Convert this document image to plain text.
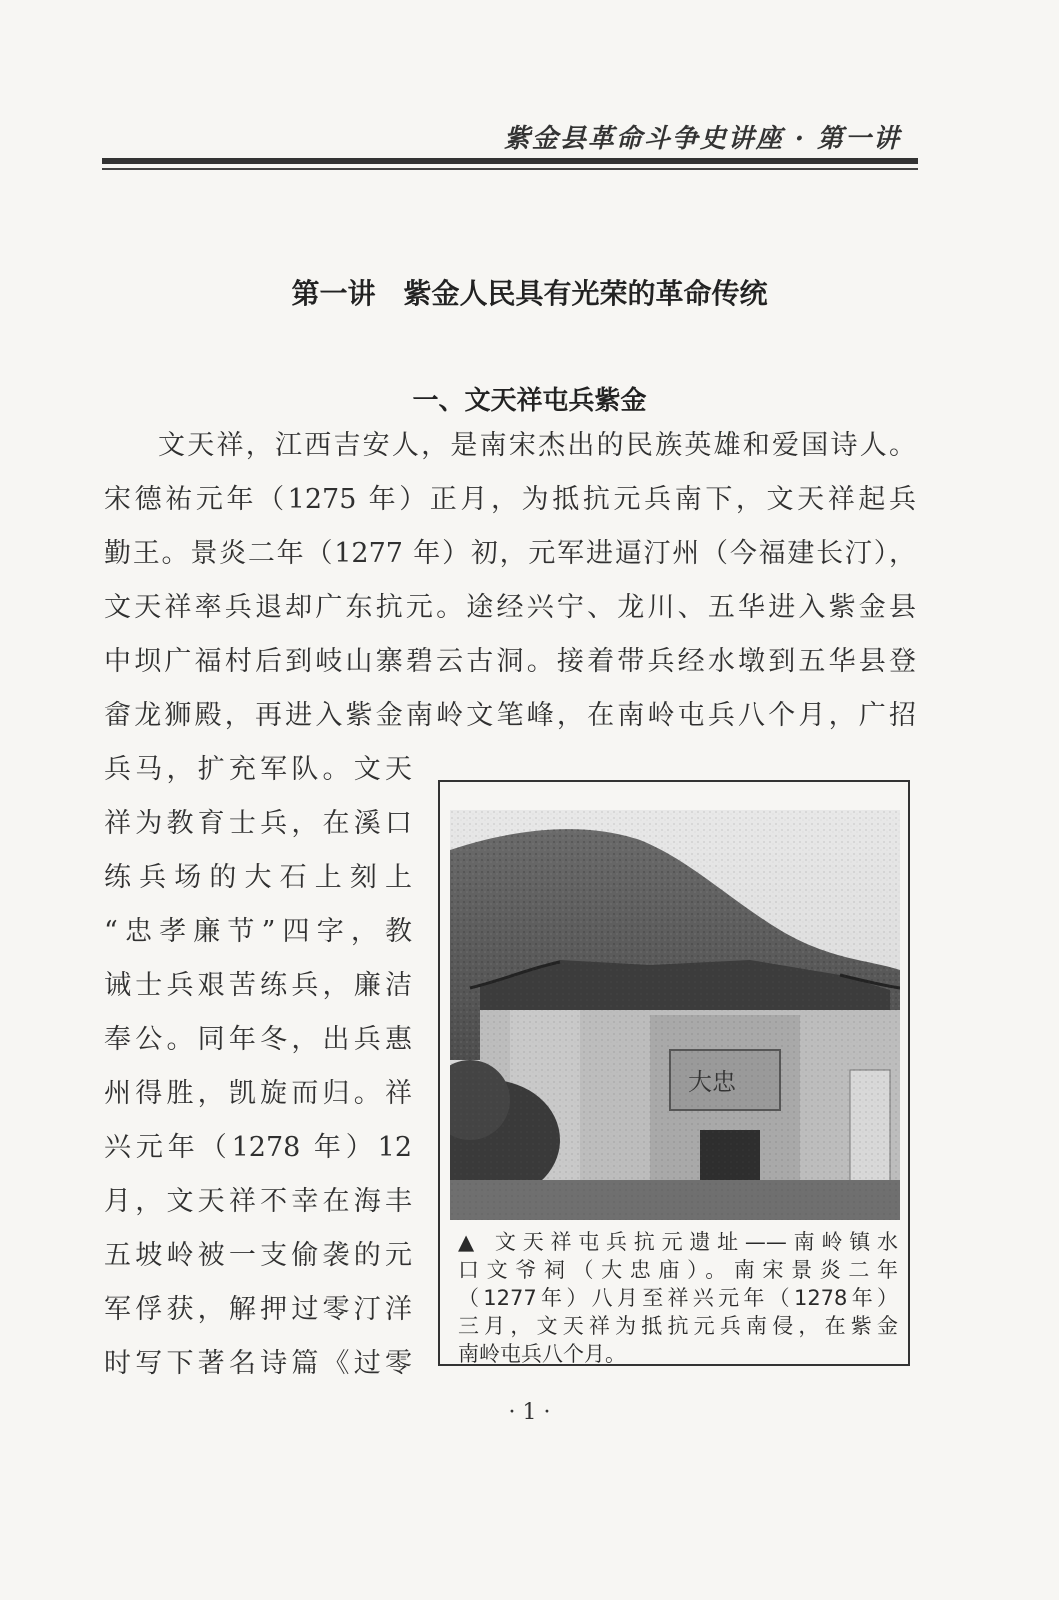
紫金县革命斗争史讲座 · 第一讲
第一讲　紫金人民具有光荣的革命传统
一、文天祥屯兵紫金
文天祥，江西吉安人，是南宋杰出的民族英雄和爱国诗人。
宋德祐元年（1275 年）正月，为抵抗元兵南下，文天祥起兵
勤王。景炎二年（1277 年）初，元军进逼汀州（今福建长汀），
文天祥率兵退却广东抗元。途经兴宁、龙川、五华进入紫金县
中坝广福村后到岐山寨碧云古洞。接着带兵经水墩到五华县登
畲龙狮殿，再进入紫金南岭文笔峰，在南岭屯兵八个月，广招
兵马，扩充军队。文天
祥为教育士兵，在溪口
练兵场的大石上刻上
“忠孝廉节”四字，教
诫士兵艰苦练兵，廉洁
奉公。同年冬，出兵惠
州得胜，凯旋而归。祥
兴元年（1278 年）12
月，文天祥不幸在海丰
五坡岭被一支偷袭的元
军俘获，解押过零汀洋
时写下著名诗篇《过零
大忠
▲ 文天祥屯兵抗元遗址——南岭镇水
口文爷祠（大忠庙）。南宋景炎二年
（1277年）八月至祥兴元年（1278年）
三月，文天祥为抵抗元兵南侵，在紫金
南岭屯兵八个月。
· 1 ·
